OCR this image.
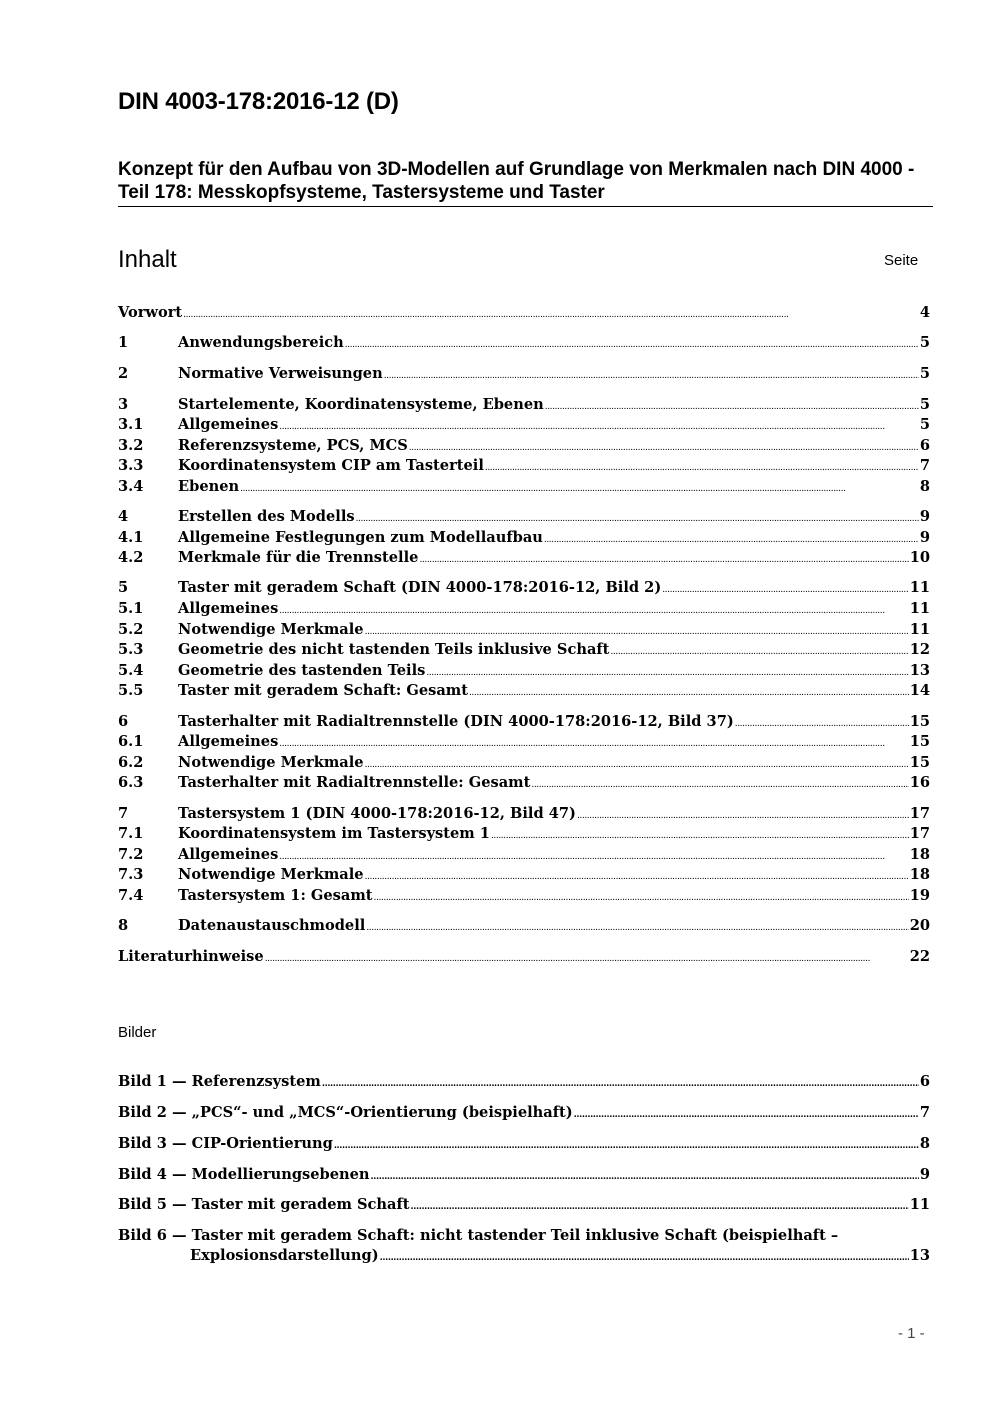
DIN 4003-178:2016-12 (D)
Konzept für den Aufbau von 3D-Modellen auf Grundlage von Merkmalen nach DIN 4000 - Teil 178: Messkopfsysteme, Tastersysteme und Taster
Inhalt	Seite
Vorwort .....	4
1	Anwendungsbereich .....	5
2	Normative Verweisungen .....	5
3	Startelemente, Koordinatensysteme, Ebenen .....	5
3.1	Allgemeines .....	5
3.2	Referenzsysteme, PCS, MCS .....	6
3.3	Koordinatensystem CIP am Tasterteil .....	7
3.4	Ebenen .....	8
4	Erstellen des Modells .....	9
4.1	Allgemeine Festlegungen zum Modellaufbau .....	9
4.2	Merkmale für die Trennstelle .....	10
5	Taster mit geradem Schaft (DIN 4000-178:2016-12, Bild 2) .....	11
5.1	Allgemeines .....	11
5.2	Notwendige Merkmale .....	11
5.3	Geometrie des nicht tastenden Teils inklusive Schaft .....	12
5.4	Geometrie des tastenden Teils .....	13
5.5	Taster mit geradem Schaft: Gesamt .....	14
6	Tasterhalter mit Radialtrennstelle (DIN 4000-178:2016-12, Bild 37) .....	15
6.1	Allgemeines .....	15
6.2	Notwendige Merkmale .....	15
6.3	Tasterhalter mit Radialtrennstelle: Gesamt .....	16
7	Tastersystem 1 (DIN 4000-178:2016-12, Bild 47) .....	17
7.1	Koordinatensystem im Tastersystem 1 .....	17
7.2	Allgemeines .....	18
7.3	Notwendige Merkmale .....	18
7.4	Tastersystem 1: Gesamt .....	19
8	Datenaustauschmodell .....	20
Literaturhinweise .....	22
Bilder
Bild 1 — Referenzsystem .....	6
Bild 2 — „PCS“- und „MCS“-Orientierung (beispielhaft) .....	7
Bild 3 — CIP-Orientierung .....	8
Bild 4 — Modellierungsebenen .....	9
Bild 5 — Taster mit geradem Schaft .....	11
Bild 6 — Taster mit geradem Schaft: nicht tastender Teil inklusive Schaft (beispielhaft –
Explosionsdarstellung) .....	13
- 1 -
